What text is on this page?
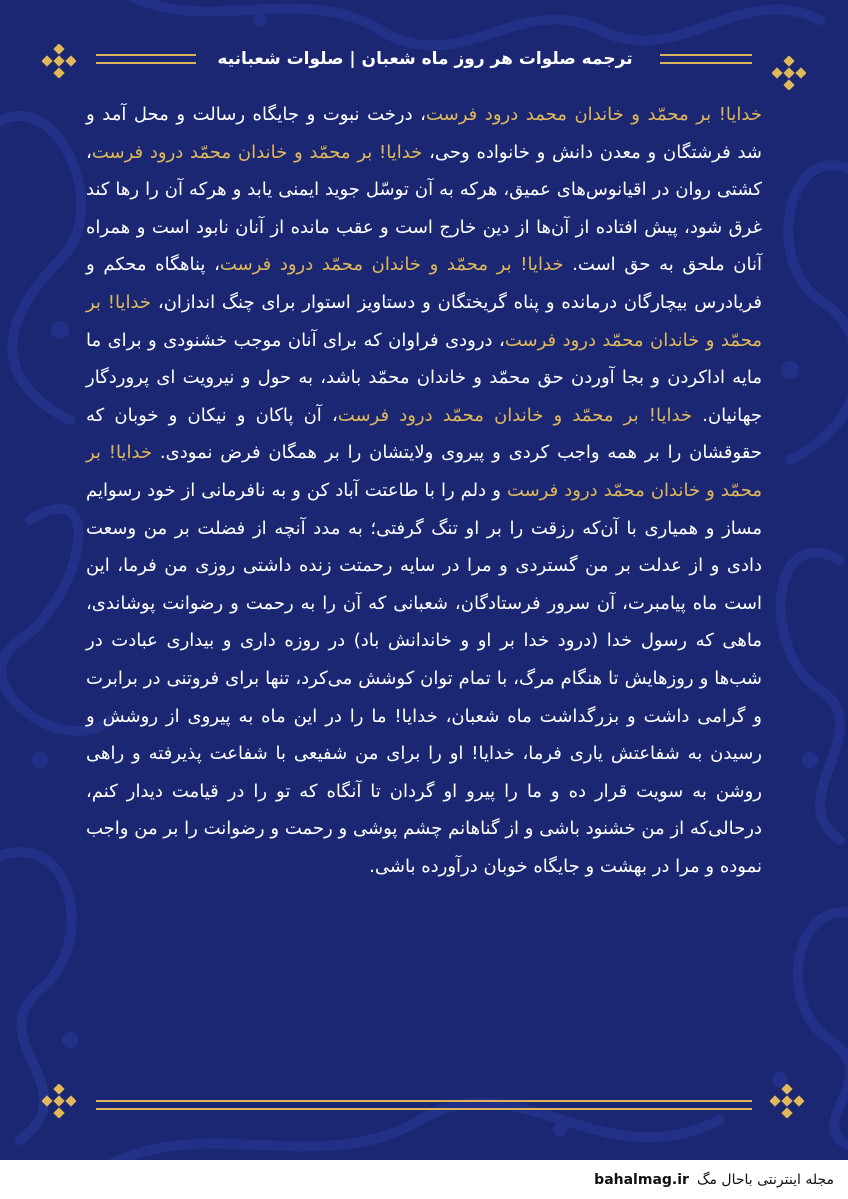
ترجمه صلوات هر روز ماه شعبان | صلوات شعبانیه
خدایا! بر محمّد و خاندان محمد درود فرست، درخت نبوت و جایگاه رسالت و محل آمد و شد فرشتگان و معدن دانش و خانواده وحی، خدایا! بر محمّد و خاندان محمّد درود فرست، کشتی روان در اقیانوس‌های عمیق، هرکه به آن توسّل جوید ایمنی یابد و هرکه آن را رها کند غرق شود، پیش افتاده از آن‌ها از دین خارج است و عقب مانده از آنان نابود است و همراه آنان ملحق به حق است. خدایا! بر محمّد و خاندان محمّد درود فرست، پناهگاه محکم و فریادرس بیچارگان درمانده و پناه گریختگان و دستاویز استوار برای چنگ اندازان، خدایا! بر محمّد و خاندان محمّد درود فرست، درودی فراوان که برای آنان موجب خشنودی و برای ما مایه اداکردن و بجا آوردن حق محمّد و خاندان محمّد باشد، به حول و نیرویت ای پروردگار جهانیان. خدایا! بر محمّد و خاندان محمّد درود فرست، آن پاکان و نیکان و خوبان که حقوقشان را بر همه واجب کردی و پیروی ولایتشان را بر همگان فرض نمودی. خدایا! بر محمّد و خاندان محمّد درود فرست و دلم را با طاعتت آباد کن و به نافرمانی از خود رسوایم مساز و همیاری با آن‌که رزقت را بر او تنگ گرفتی؛ به مدد آنچه از فضلت بر من وسعت دادی و از عدلت بر من گستردی و مرا در سایه رحمتت زنده داشتی روزی من فرما، این است ماه پیامبرت، آن سرور فرستادگان، شعبانی که آن را به رحمت و رضوانت پوشاندی، ماهی که رسول خدا (درود خدا بر او و خاندانش باد) در روزه داری و بیداری عبادت در شب‌ها و روزهایش تا هنگام مرگ، با تمام توان کوشش می‌کرد، تنها برای فروتنی در برابرت و گرامی داشت و بزرگداشت ماه شعبان، خدایا! ما را در این ماه به پیروی از روشش و رسیدن به شفاعتش یاری فرما، خدایا! او را برای من شفیعی با شفاعت پذیرفته و راهی روشن به سویت قرار ده و ما را پیرو او گردان تا آنگاه که تو را در قیامت دیدار کنم، درحالی‌که از من خشنود باشی و از گناهانم چشم پوشی و رحمت و رضوانت را بر من واجب نموده و مرا در بهشت و جایگاه خوبان درآورده باشی.
bahalmag.ir مجله اینترنتی باحال مگ
